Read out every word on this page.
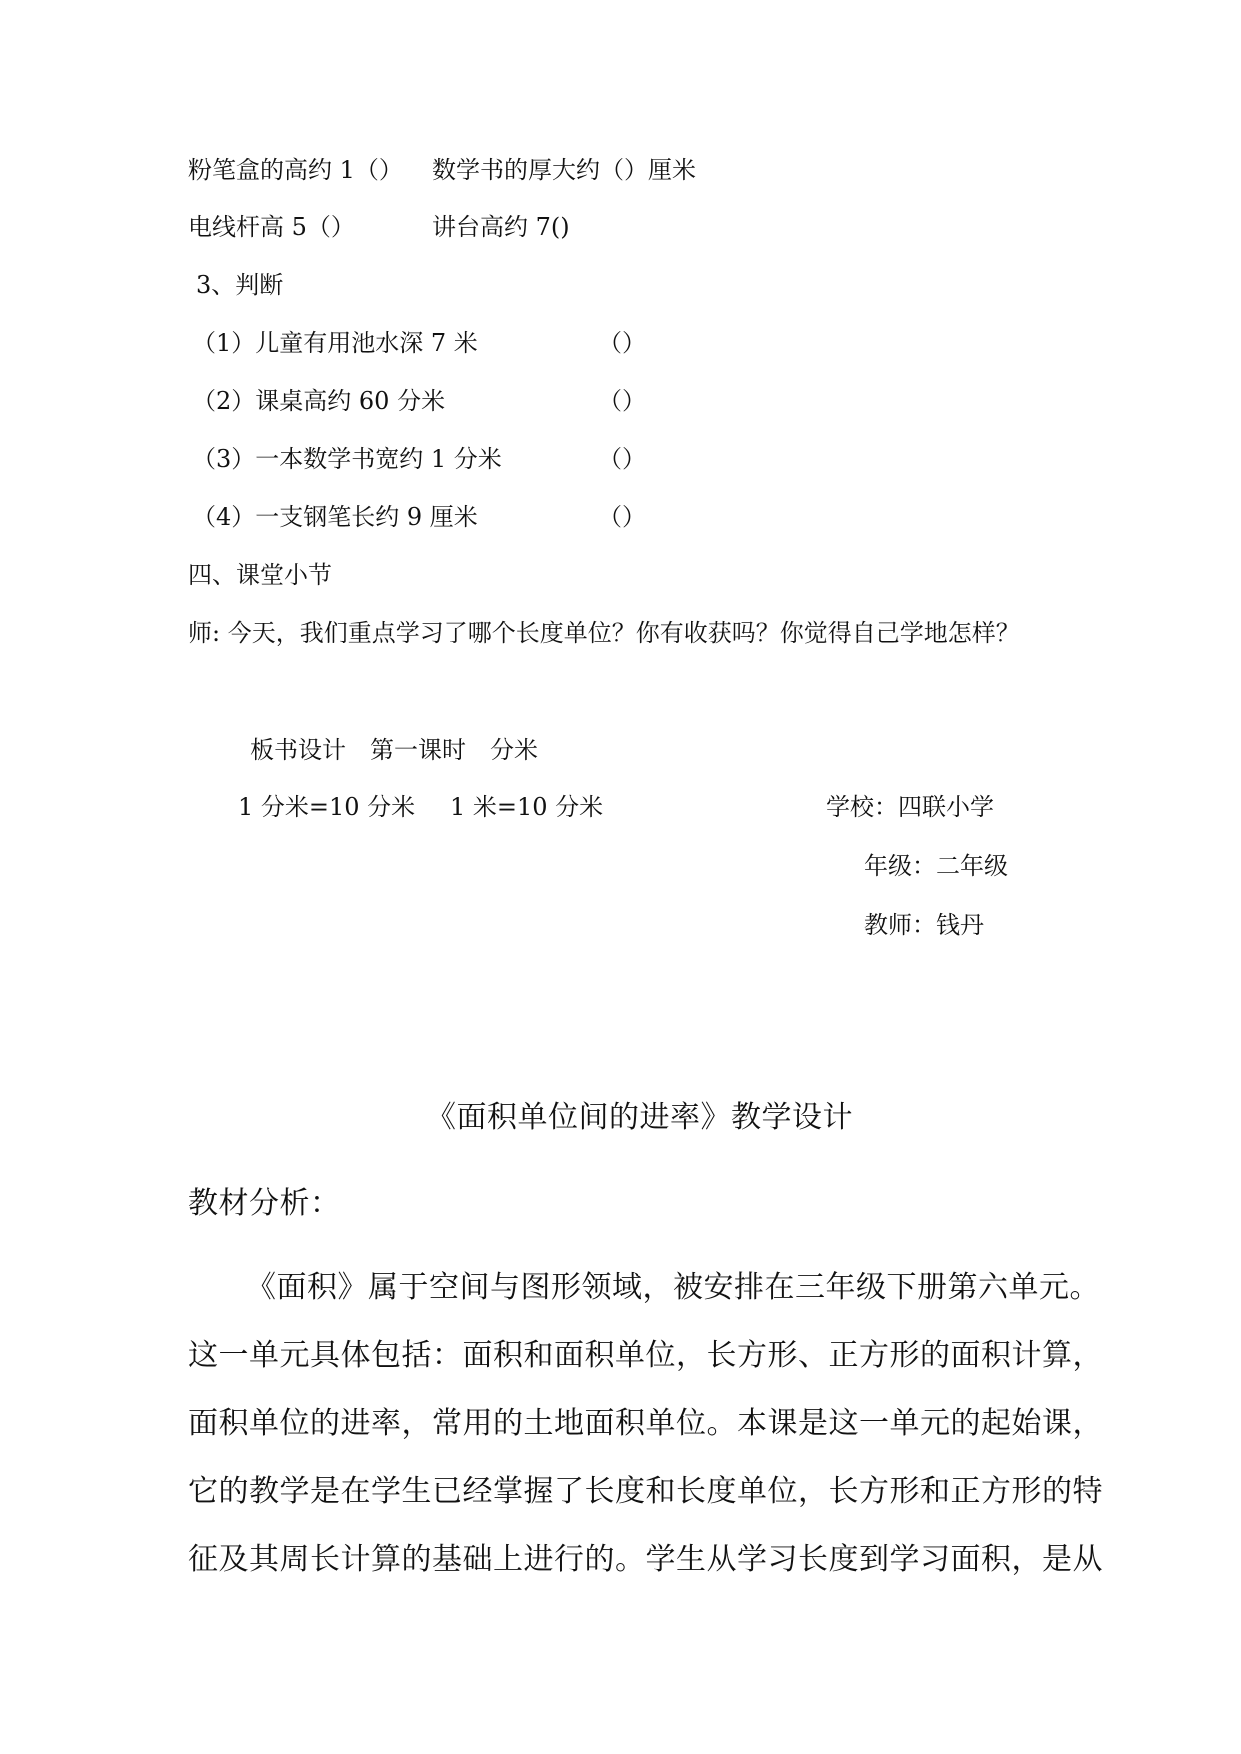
粉笔盒的高约 1（） 数学书的厚大约（）厘米
电线杆高 5（）	讲台高约 7()
3、判断
（1）儿童有用池水深 7 米	（）
（2）课桌高约 60 分米	（）
（3）一本数学书宽约 1 分米	（）
（4）一支钢笔长约 9 厘米	（）
四、课堂小节
师: 今天，我们重点学习了哪个长度单位？你有收获吗？你觉得自己学地怎样？
板书设计　第一课时　分米
1 分米=10 分米 1 米=10 分米	学校：四联小学
年级：二年级
教师：钱丹
《面积单位间的进率》教学设计
教材分析：
《面积》属于空间与图形领域，被安排在三年级下册第六单元。
这一单元具体包括：面积和面积单位，长方形、正方形的面积计算，
面积单位的进率，常用的土地面积单位。本课是这一单元的起始课，
它的教学是在学生已经掌握了长度和长度单位，长方形和正方形的特
征及其周长计算的基础上进行的。学生从学习长度到学习面积，是从
